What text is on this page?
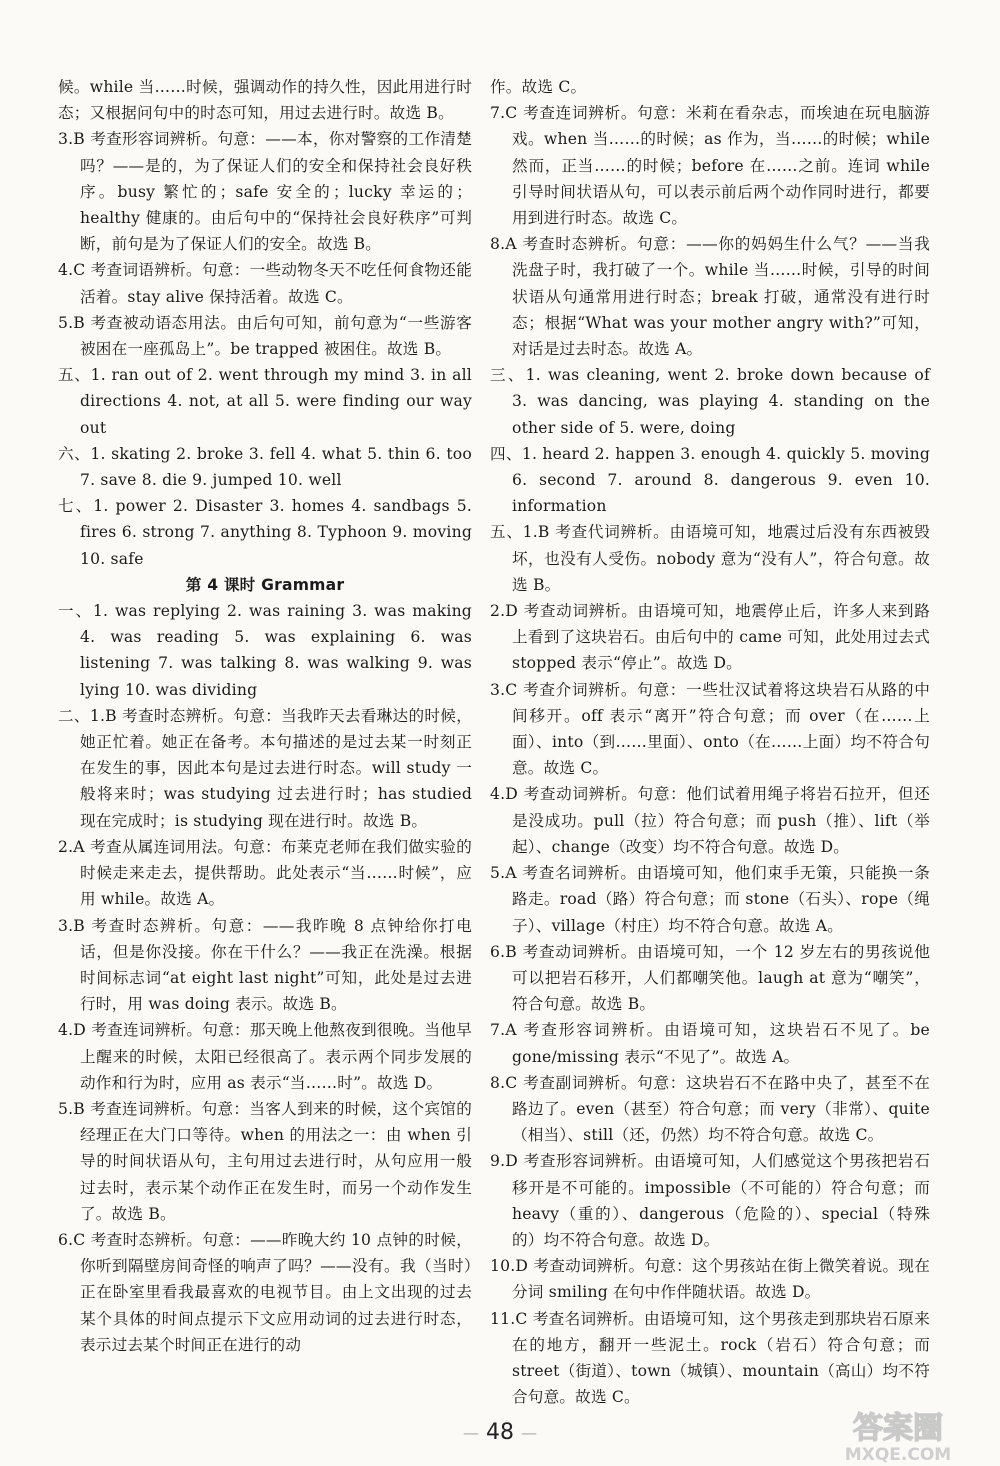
候。while 当……时候，强调动作的持久性，因此用进行时态；又根据问句中的时态可知，用过去进行时。故选 B。

3.B 考查形容词辨析。句意：——本，你对警察的工作清楚吗？——是的，为了保证人们的安全和保持社会良好秩序。busy 繁忙的；safe 安全的；lucky 幸运的；healthy 健康的。由后句中的“保持社会良好秩序”可判断，前句是为了保证人们的安全。故选 B。

4.C 考查词语辨析。句意：一些动物冬天不吃任何食物还能活着。stay alive 保持活着。故选 C。

5.B 考查被动语态用法。由后句可知，前句意为“一些游客被困在一座孤岛上”。be trapped 被困住。故选 B。

五、1. ran out of 2. went through my mind 3. in all directions 4. not, at all 5. were finding our way out

六、1. skating 2. broke 3. fell 4. what 5. thin 6. too 7. save 8. die 9. jumped 10. well

七、1. power 2. Disaster 3. homes 4. sandbags 5. fires 6. strong 7. anything 8. Typhoon 9. moving 10. safe

第 4 课时 Grammar

一、1. was replying 2. was raining 3. was making 4. was reading 5. was explaining 6. was listening 7. was talking 8. was walking 9. was lying 10. was dividing

二、1.B 考查时态辨析。句意：当我昨天去看琳达的时候，她正忙着。她正在备考。本句描述的是过去某一时刻正在发生的事，因此本句是过去进行时态。will study 一般将来时；was studying 过去进行时；has studied 现在完成时；is studying 现在进行时。故选 B。

2.A 考查从属连词用法。句意：布莱克老师在我们做实验的时候走来走去，提供帮助。此处表示“当……时候”，应用 while。故选 A。

3.B 考查时态辨析。句意：——我昨晚 8 点钟给你打电话，但是你没接。你在干什么？——我正在洗澡。根据时间标志词“at eight last night”可知，此处是过去进行时，用 was doing 表示。故选 B。

4.D 考查连词辨析。句意：那天晚上他熬夜到很晚。当他早上醒来的时候，太阳已经很高了。表示两个同步发展的动作和行为时，应用 as 表示“当……时”。故选 D。

5.B 考查连词辨析。句意：当客人到来的时候，这个宾馆的经理正在大门口等待。when 的用法之一：由 when 引导的时间状语从句，主句用过去进行时，从句应用一般过去时，表示某个动作正在发生时，而另一个动作发生了。故选 B。

6.C 考查时态辨析。句意：——昨晚大约 10 点钟的时候，你听到隔壁房间奇怪的响声了吗？——没有。我（当时）正在卧室里看我最喜欢的电视节目。由上文出现的过去某个具体的时间点提示下文应用动词的过去进行时态，表示过去某个时间正在进行的动

作。故选 C。

7.C 考查连词辨析。句意：米莉在看杂志，而埃迪在玩电脑游戏。when 当……的时候；as 作为，当……的时候；while 然而，正当……的时候；before 在……之前。连词 while 引导时间状语从句，可以表示前后两个动作同时进行，都要用到进行时态。故选 C。

8.A 考查时态辨析。句意：——你的妈妈生什么气？——当我洗盘子时，我打破了一个。while 当……时候，引导的时间状语从句通常用进行时态；break 打破，通常没有进行时态；根据“What was your mother angry with?”可知，对话是过去时态。故选 A。

三、1. was cleaning, went 2. broke down because of 3. was dancing, was playing 4. standing on the other side of 5. were, doing

四、1. heard 2. happen 3. enough 4. quickly 5. moving 6. second 7. around 8. dangerous 9. even 10. information

五、1.B 考查代词辨析。由语境可知，地震过后没有东西被毁坏，也没有人受伤。nobody 意为“没有人”，符合句意。故选 B。

2.D 考查动词辨析。由语境可知，地震停止后，许多人来到路上看到了这块岩石。由后句中的 came 可知，此处用过去式 stopped 表示“停止”。故选 D。

3.C 考查介词辨析。句意：一些壮汉试着将这块岩石从路的中间移开。off 表示“离开”符合句意；而 over（在……上面）、into（到……里面）、onto（在……上面）均不符合句意。故选 C。

4.D 考查动词辨析。句意：他们试着用绳子将岩石拉开，但还是没成功。pull（拉）符合句意；而 push（推）、lift（举起）、change（改变）均不符合句意。故选 D。

5.A 考查名词辨析。由语境可知，他们束手无策，只能换一条路走。road（路）符合句意；而 stone（石头）、rope（绳子）、village（村庄）均不符合句意。故选 A。

6.B 考查动词辨析。由语境可知，一个 12 岁左右的男孩说他可以把岩石移开，人们都嘲笑他。laugh at 意为“嘲笑”，符合句意。故选 B。

7.A 考查形容词辨析。由语境可知，这块岩石不见了。be gone/missing 表示“不见了”。故选 A。

8.C 考查副词辨析。句意：这块岩石不在路中央了，甚至不在路边了。even（甚至）符合句意；而 very（非常）、quite（相当）、still（还，仍然）均不符合句意。故选 C。

9.D 考查形容词辨析。由语境可知，人们感觉这个男孩把岩石移开是不可能的。impossible（不可能的）符合句意；而 heavy（重的）、dangerous（危险的）、special（特殊的）均不符合句意。故选 D。

10.D 考查动词辨析。句意：这个男孩站在街上微笑着说。现在分词 smiling 在句中作伴随状语。故选 D。

11.C 考查名词辨析。由语境可知，这个男孩走到那块岩石原来在的地方，翻开一些泥土。rock（岩石）符合句意；而 street（街道）、town（城镇）、mountain（高山）均不符合句意。故选 C。

— 48 —	答案圈
MXQE.COM
